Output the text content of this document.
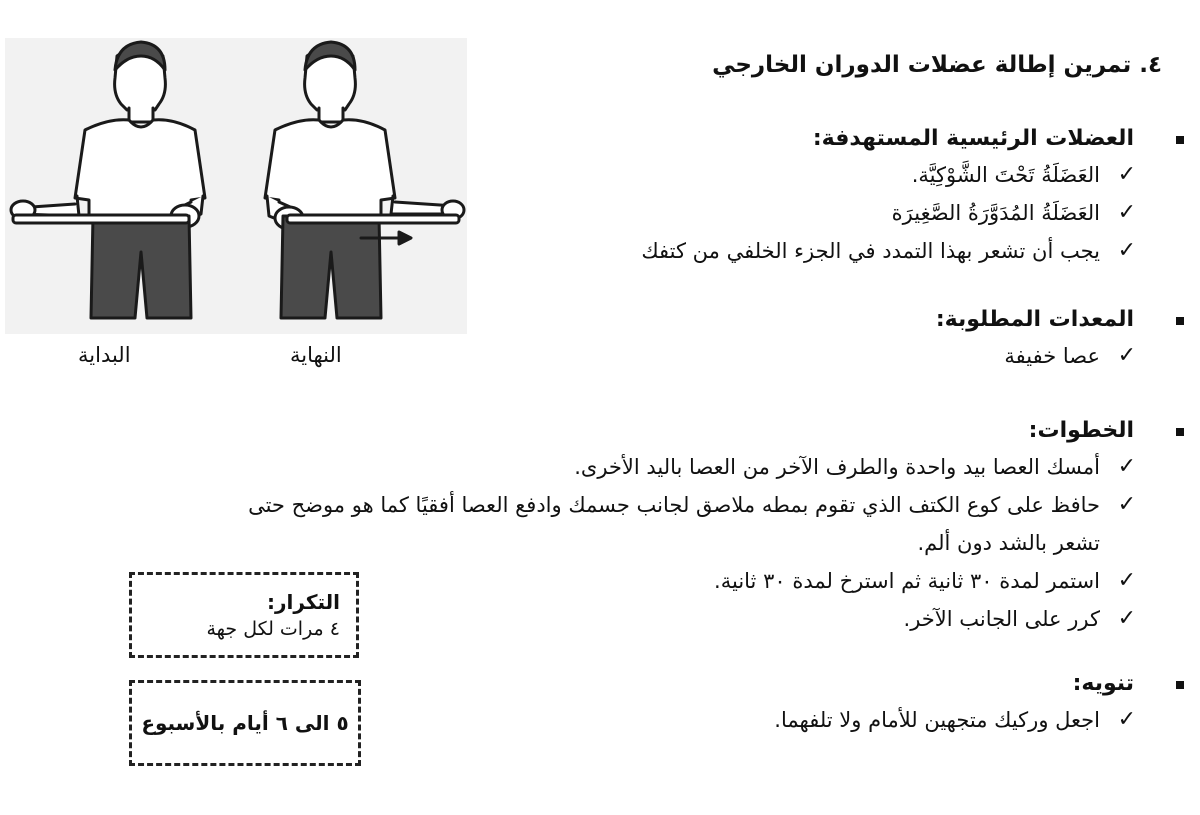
٤. تمرين إطالة عضلات الدوران الخارجي
العضلات الرئيسية المستهدفة:
✓
العَضَلَةُ تَحْتَ الشَّوْكِيَّة.
✓
العَضَلَةُ المُدَوَّرَةُ الصَّغِيرَة
✓
يجب أن تشعر بهذا التمدد في الجزء الخلفي من كتفك
المعدات المطلوبة:
✓
عصا خفيفة
الخطوات:
✓
أمسك العصا بيد واحدة والطرف الآخر من العصا باليد الأخرى.
✓
حافظ على كوع الكتف الذي تقوم بمطه ملاصق لجانب جسمك وادفع العصا أفقيًا كما هو موضح حتى تشعر بالشد دون ألم.
✓
استمر لمدة ٣٠ ثانية ثم استرخ لمدة ٣٠ ثانية.
✓
كرر على الجانب الآخر.
تنويه:
✓
اجعل وركيك متجهين للأمام ولا تلفهما.
التكرار:
٤ مرات لكل جهة
٥ الى ٦ أيام بالأسبوع
البداية	النهاية
